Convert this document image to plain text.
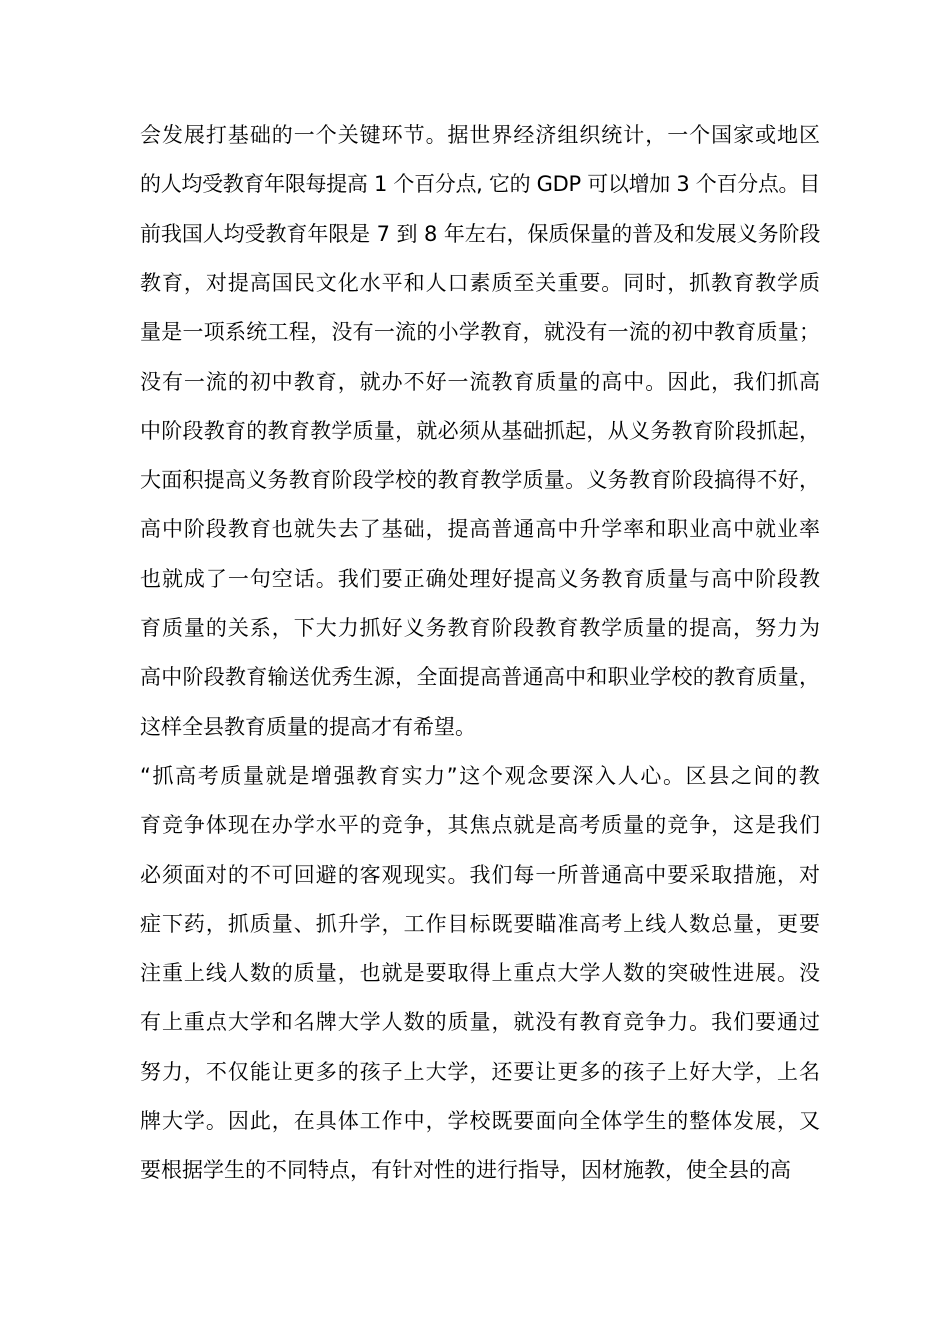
会发展打基础的一个关键环节。据世界经济组织统计，一个国家或地区
的人均受教育年限每提高 1 个百分点, 它的 GDP 可以增加 3 个百分点。目
前我国人均受教育年限是 7 到 8 年左右，保质保量的普及和发展义务阶段
教育，对提高国民文化水平和人口素质至关重要。同时，抓教育教学质
量是一项系统工程，没有一流的小学教育，就没有一流的初中教育质量；
没有一流的初中教育，就办不好一流教育质量的高中。因此，我们抓高
中阶段教育的教育教学质量，就必须从基础抓起，从义务教育阶段抓起，
大面积提高义务教育阶段学校的教育教学质量。义务教育阶段搞得不好，
高中阶段教育也就失去了基础，提高普通高中升学率和职业高中就业率
也就成了一句空话。我们要正确处理好提高义务教育质量与高中阶段教
育质量的关系，下大力抓好义务教育阶段教育教学质量的提高，努力为
高中阶段教育输送优秀生源，全面提高普通高中和职业学校的教育质量，
这样全县教育质量的提高才有希望。
“抓高考质量就是增强教育实力”这个观念要深入人心。区县之间的教
育竞争体现在办学水平的竞争，其焦点就是高考质量的竞争，这是我们
必须面对的不可回避的客观现实。我们每一所普通高中要采取措施，对
症下药，抓质量、抓升学，工作目标既要瞄准高考上线人数总量，更要
注重上线人数的质量，也就是要取得上重点大学人数的突破性进展。没
有上重点大学和名牌大学人数的质量，就没有教育竞争力。我们要通过
努力，不仅能让更多的孩子上大学，还要让更多的孩子上好大学，上名
牌大学。因此，在具体工作中，学校既要面向全体学生的整体发展，又
要根据学生的不同特点，有针对性的进行指导，因材施教，使全县的高
